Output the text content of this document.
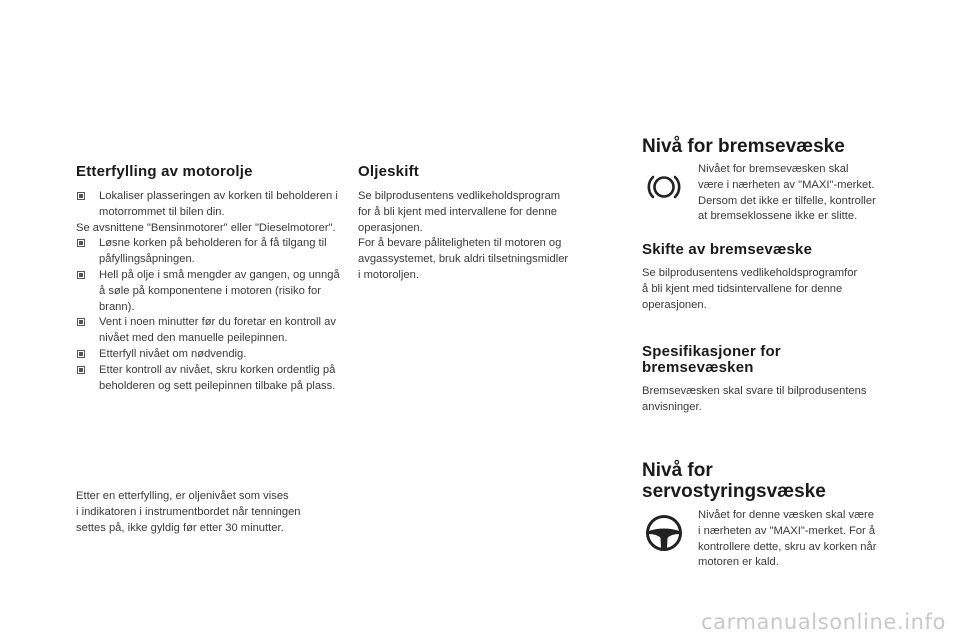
Etterfylling av motorolje
Lokaliser plasseringen av korken til beholderen i motorrommet til bilen din.
Se avsnittene "Bensinmotorer" eller "Dieselmotorer".
Løsne korken på beholderen for å få tilgang til påfyllingsåpningen.
Hell på olje i små mengder av gangen, og unngå å søle på komponentene i motoren (risiko for brann).
Vent i noen minutter før du foretar en kontroll av nivået med den manuelle peilepinnen.
Etterfyll nivået om nødvendig.
Etter kontroll av nivået, skru korken ordentlig på beholderen og sett peilepinnen tilbake på plass.
Etter en etterfylling, er oljenivået som vises
i indikatoren i instrumentbordet når tenningen
settes på, ikke gyldig før etter 30 minutter.
Oljeskift
Se bilprodusentens vedlikeholdsprogram
for å bli kjent med intervallene for denne
operasjonen.
For å bevare påliteligheten til motoren og
avgassystemet, bruk aldri tilsetningsmidler
i motoroljen.
Nivå for bremsevæske
Nivået for bremsevæsken skal
være i nærheten av "MAXI"-merket.
Dersom det ikke er tilfelle, kontroller
at bremseklossene ikke er slitte.
Skifte av bremsevæske
Se bilprodusentens vedlikeholdsprogramfor
å bli kjent med tidsintervallene for denne
operasjonen.
Spesifikasjoner for
bremsevæsken
Bremsevæsken skal svare til bilprodusentens
anvisninger.
Nivå for
servostyringsvæske
Nivået for denne væsken skal være
i nærheten av "MAXI"-merket. For å
kontrollere dette, skru av korken når
motoren er kald.
carmanualsonline.info
